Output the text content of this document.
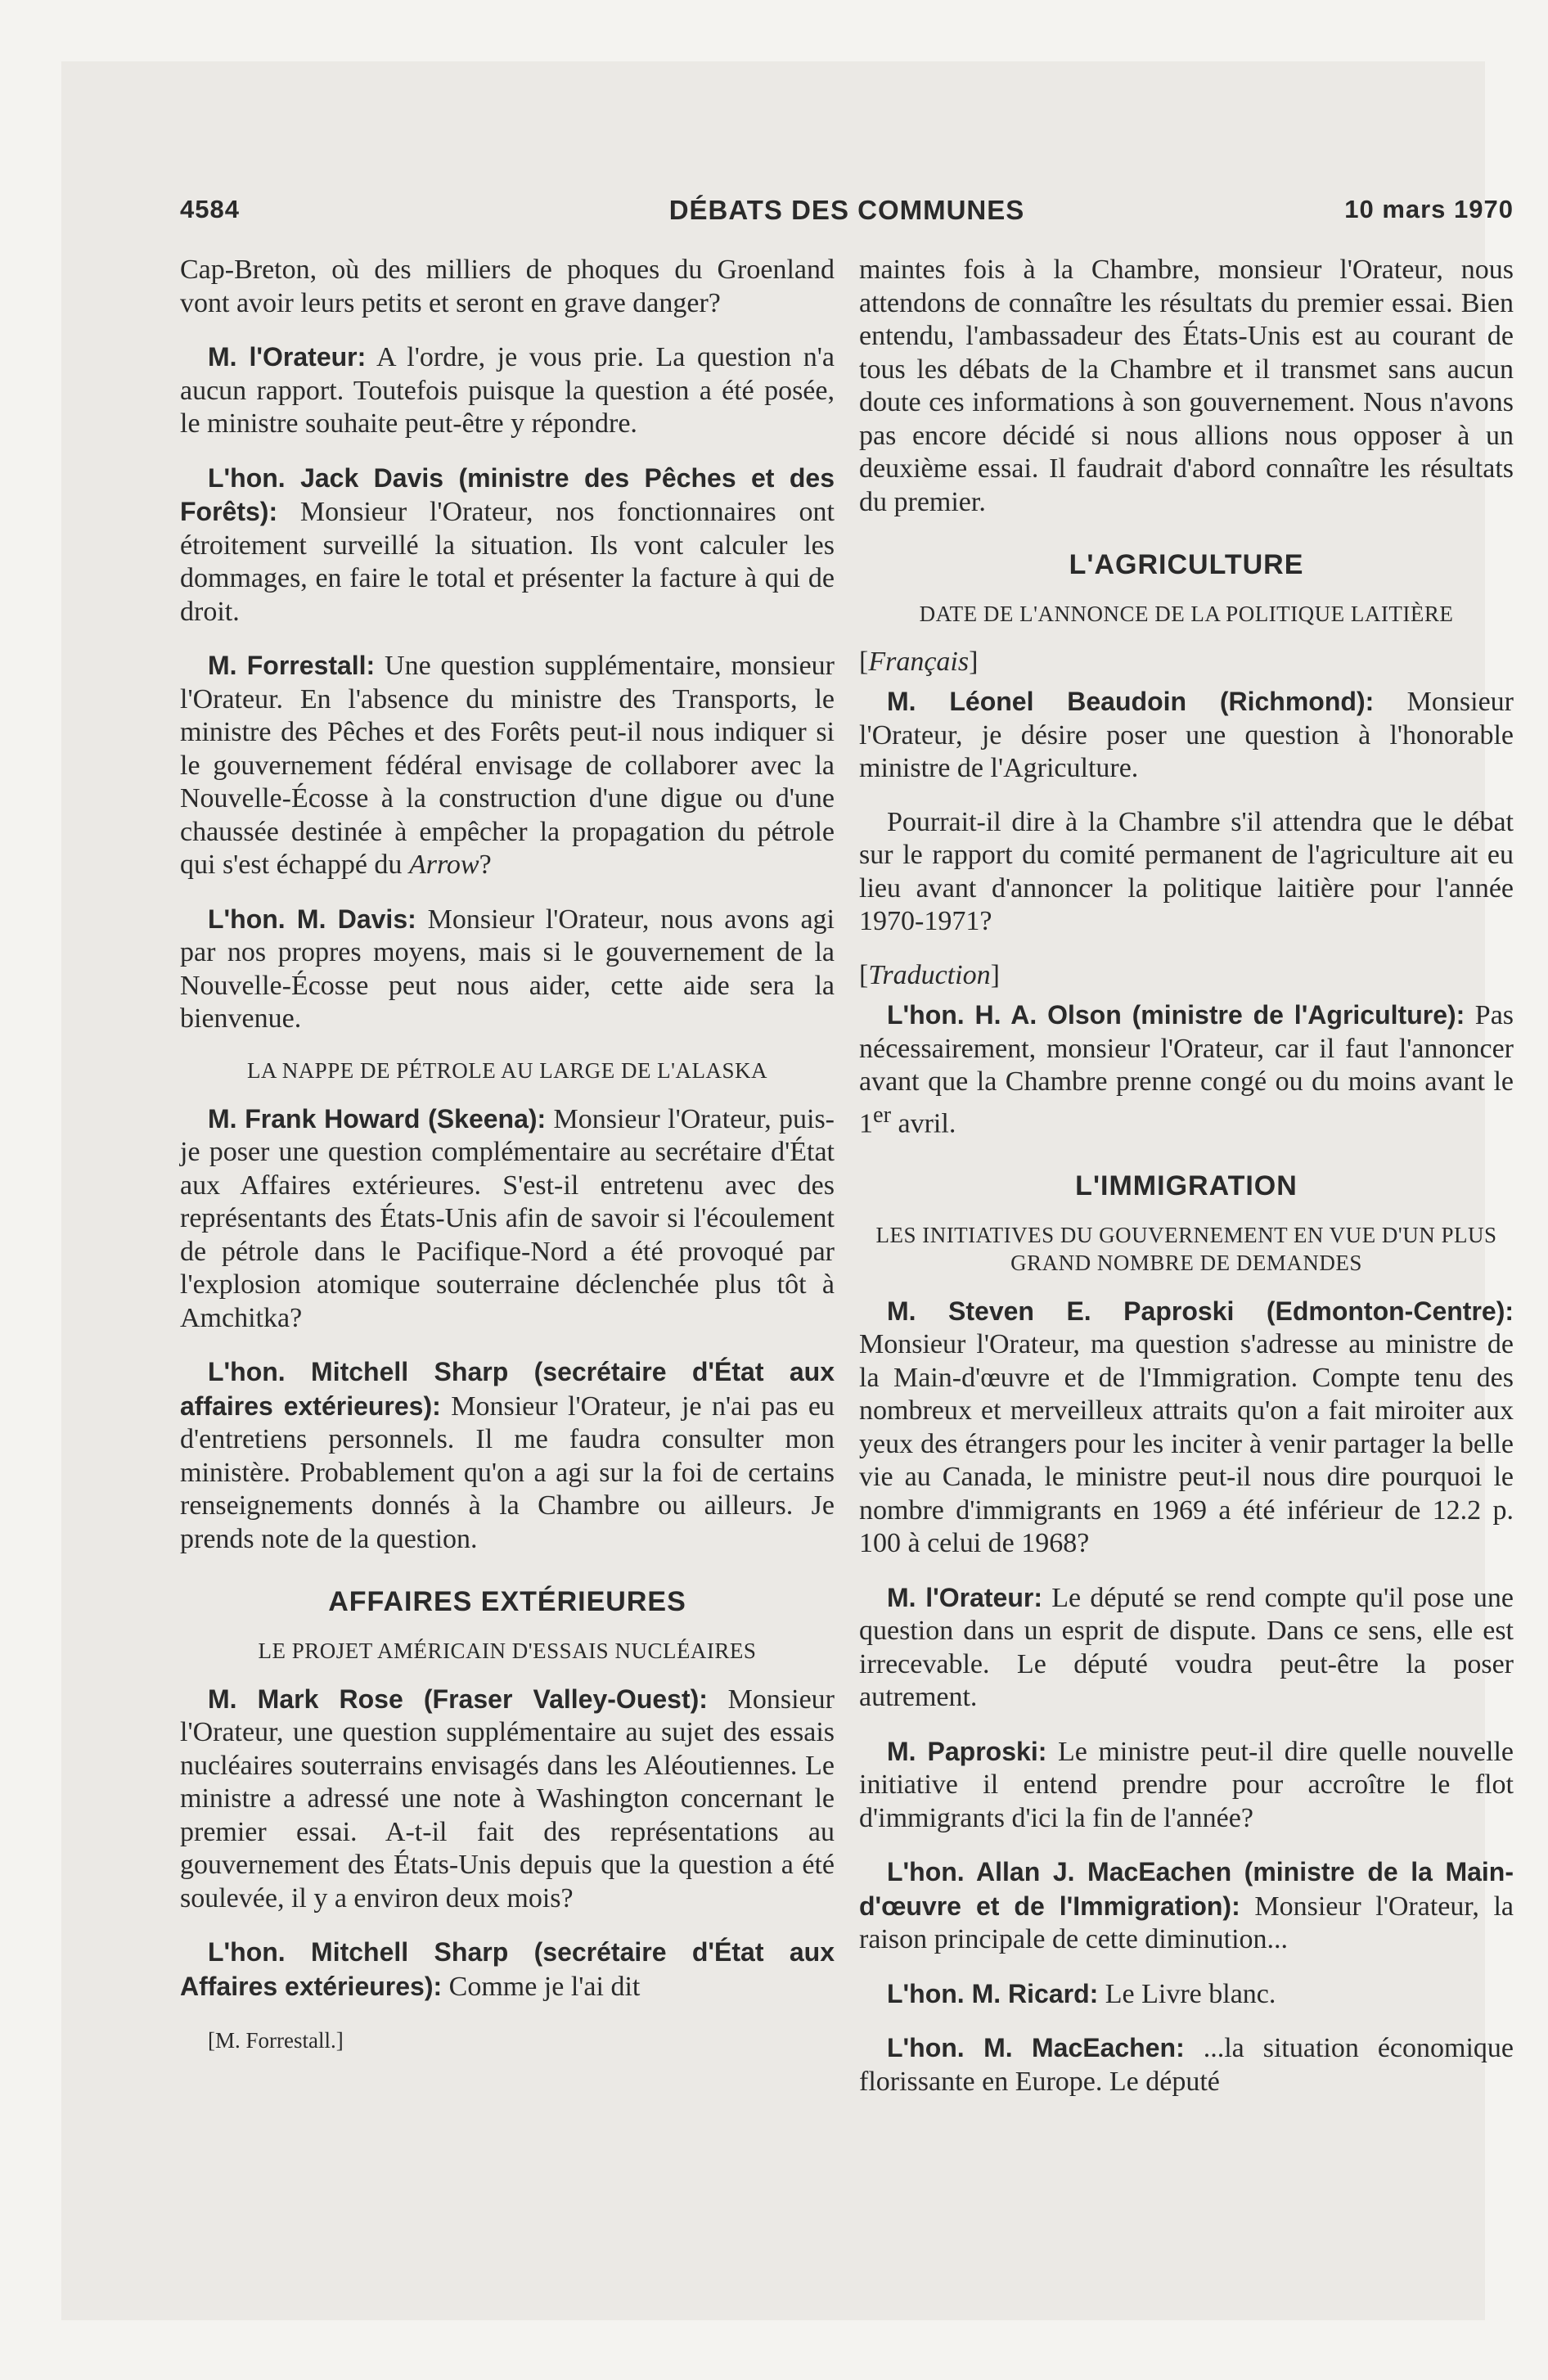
4584	DÉBATS DES COMMUNES	10 mars 1970

Cap-Breton, où des milliers de phoques du Groenland vont avoir leurs petits et seront en grave danger?

M. l'Orateur: A l'ordre, je vous prie. La question n'a aucun rapport. Toutefois puisque la question a été posée, le ministre souhaite peut-être y répondre.

L'hon. Jack Davis (ministre des Pêches et des Forêts): Monsieur l'Orateur, nos fonctionnaires ont étroitement surveillé la situation. Ils vont calculer les dommages, en faire le total et présenter la facture à qui de droit.

M. Forrestall: Une question supplémentaire, monsieur l'Orateur. En l'absence du ministre des Transports, le ministre des Pêches et des Forêts peut-il nous indiquer si le gouvernement fédéral envisage de collaborer avec la Nouvelle-Écosse à la construction d'une digue ou d'une chaussée destinée à empêcher la propagation du pétrole qui s'est échappé du Arrow?

L'hon. M. Davis: Monsieur l'Orateur, nous avons agi par nos propres moyens, mais si le gouvernement de la Nouvelle-Écosse peut nous aider, cette aide sera la bienvenue.

LA NAPPE DE PÉTROLE AU LARGE DE L'ALASKA

M. Frank Howard (Skeena): Monsieur l'Orateur, puis-je poser une question complémentaire au secrétaire d'État aux Affaires extérieures. S'est-il entretenu avec des représentants des États-Unis afin de savoir si l'écoulement de pétrole dans le Pacifique-Nord a été provoqué par l'explosion atomique souterraine déclenchée plus tôt à Amchitka?

L'hon. Mitchell Sharp (secrétaire d'État aux affaires extérieures): Monsieur l'Orateur, je n'ai pas eu d'entretiens personnels. Il me faudra consulter mon ministère. Probablement qu'on a agi sur la foi de certains renseignements donnés à la Chambre ou ailleurs. Je prends note de la question.

AFFAIRES EXTÉRIEURES
LE PROJET AMÉRICAIN D'ESSAIS NUCLÉAIRES

M. Mark Rose (Fraser Valley-Ouest): Monsieur l'Orateur, une question supplémentaire au sujet des essais nucléaires souterrains envisagés dans les Aléoutiennes. Le ministre a adressé une note à Washington concernant le premier essai. A-t-il fait des représentations au gouvernement des États-Unis depuis que la question a été soulevée, il y a environ deux mois?

L'hon. Mitchell Sharp (secrétaire d'État aux Affaires extérieures): Comme je l'ai dit

[M. Forrestall.]

maintes fois à la Chambre, monsieur l'Orateur, nous attendons de connaître les résultats du premier essai. Bien entendu, l'ambassadeur des États-Unis est au courant de tous les débats de la Chambre et il transmet sans aucun doute ces informations à son gouvernement. Nous n'avons pas encore décidé si nous allions nous opposer à un deuxième essai. Il faudrait d'abord connaître les résultats du premier.

L'AGRICULTURE
DATE DE L'ANNONCE DE LA POLITIQUE LAITIÈRE

[Français]

M. Léonel Beaudoin (Richmond): Monsieur l'Orateur, je désire poser une question à l'honorable ministre de l'Agriculture.

Pourrait-il dire à la Chambre s'il attendra que le débat sur le rapport du comité permanent de l'agriculture ait eu lieu avant d'annoncer la politique laitière pour l'année 1970-1971?

[Traduction]

L'hon. H. A. Olson (ministre de l'Agriculture): Pas nécessairement, monsieur l'Orateur, car il faut l'annoncer avant que la Chambre prenne congé ou du moins avant le 1er avril.

L'IMMIGRATION
LES INITIATIVES DU GOUVERNEMENT EN VUE D'UN PLUS GRAND NOMBRE DE DEMANDES

M. Steven E. Paproski (Edmonton-Centre): Monsieur l'Orateur, ma question s'adresse au ministre de la Main-d'œuvre et de l'Immigration. Compte tenu des nombreux et merveilleux attraits qu'on a fait miroiter aux yeux des étrangers pour les inciter à venir partager la belle vie au Canada, le ministre peut-il nous dire pourquoi le nombre d'immigrants en 1969 a été inférieur de 12.2 p. 100 à celui de 1968?

M. l'Orateur: Le député se rend compte qu'il pose une question dans un esprit de dispute. Dans ce sens, elle est irrecevable. Le député voudra peut-être la poser autrement.

M. Paproski: Le ministre peut-il dire quelle nouvelle initiative il entend prendre pour accroître le flot d'immigrants d'ici la fin de l'année?

L'hon. Allan J. MacEachen (ministre de la Main-d'œuvre et de l'Immigration): Monsieur l'Orateur, la raison principale de cette diminution...

L'hon. M. Ricard: Le Livre blanc.

L'hon. M. MacEachen: ...la situation économique florissante en Europe. Le député
